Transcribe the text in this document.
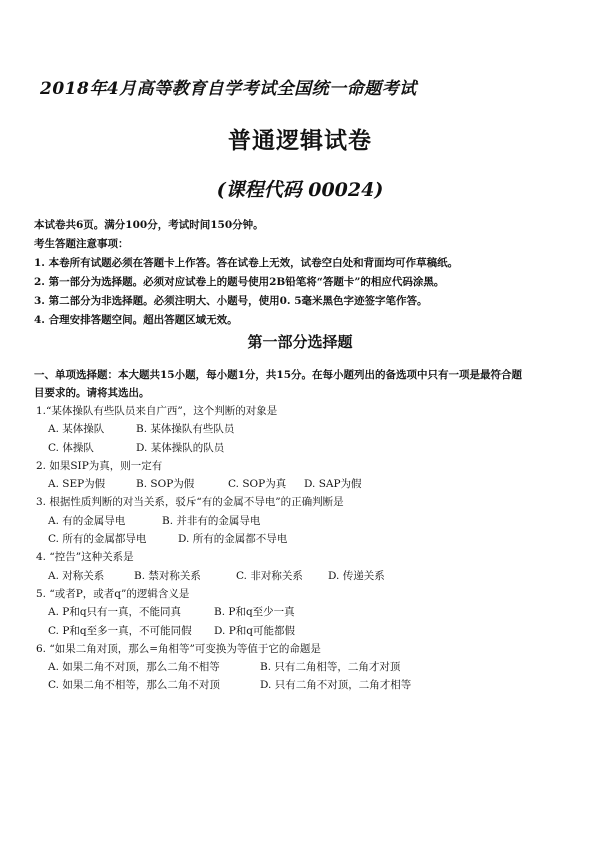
2018年4月高等教育自学考试全国统一命题考试
普通逻辑试卷
(课程代码 00024)
本试卷共6页。满分100分，考试时间150分钟。
考生答题注意事项：
1. 本卷所有试题必须在答题卡上作答。答在试卷上无效，试卷空白处和背面均可作草稿纸。
2. 第一部分为选择题。必须对应试卷上的题号使用2B铅笔将“答题卡”的相应代码涂黑。
3. 第二部分为非选择题。必须注明大、小题号，使用0. 5毫米黑色字迹签字笔作答。
4. 合理安排答题空间。超出答题区域无效。
第一部分选择题
一、单项选择题：本大题共15小题，每小题1分，共15分。在每小题列出的备选项中只有一项是最符合题
目要求的。请将其选出。
1.“某体操队有些队员来自广西”，这个判断的对象是
A. 某体操队	B. 某体操队有些队员
C. 体操队	D. 某体操队的队员
2. 如果SIP为真，则一定有
A. SEP为假	B. SOP为假	C. SOP为真 D. SAP为假
3. 根据性质判断的对当关系，驳斥“有的金属不导电”的正确判断是
A. 有的金属导电	B. 并非有的金属导电
C. 所有的金属都导电	D. 所有的金属都不导电
4. “控告”这种关系是
A. 对称关系	B. 禁对称关系	C. 非对称关系 D. 传递关系
5. “或者P，或者q”的逻辑含义是
A. P和q只有一真，不能同真	B. P和q至少一真
C. P和q至多一真，不可能同假 D. P和q可能都假
6. “如果二角对顶，那么=角相等”可变换为等值于它的命题是
A. 如果二角不对顶，那么二角不相等	B. 只有二角相等，二角才对顶
C. 如果二角不相等，那么二角不对顶	D. 只有二角不对顶，二角才相等
